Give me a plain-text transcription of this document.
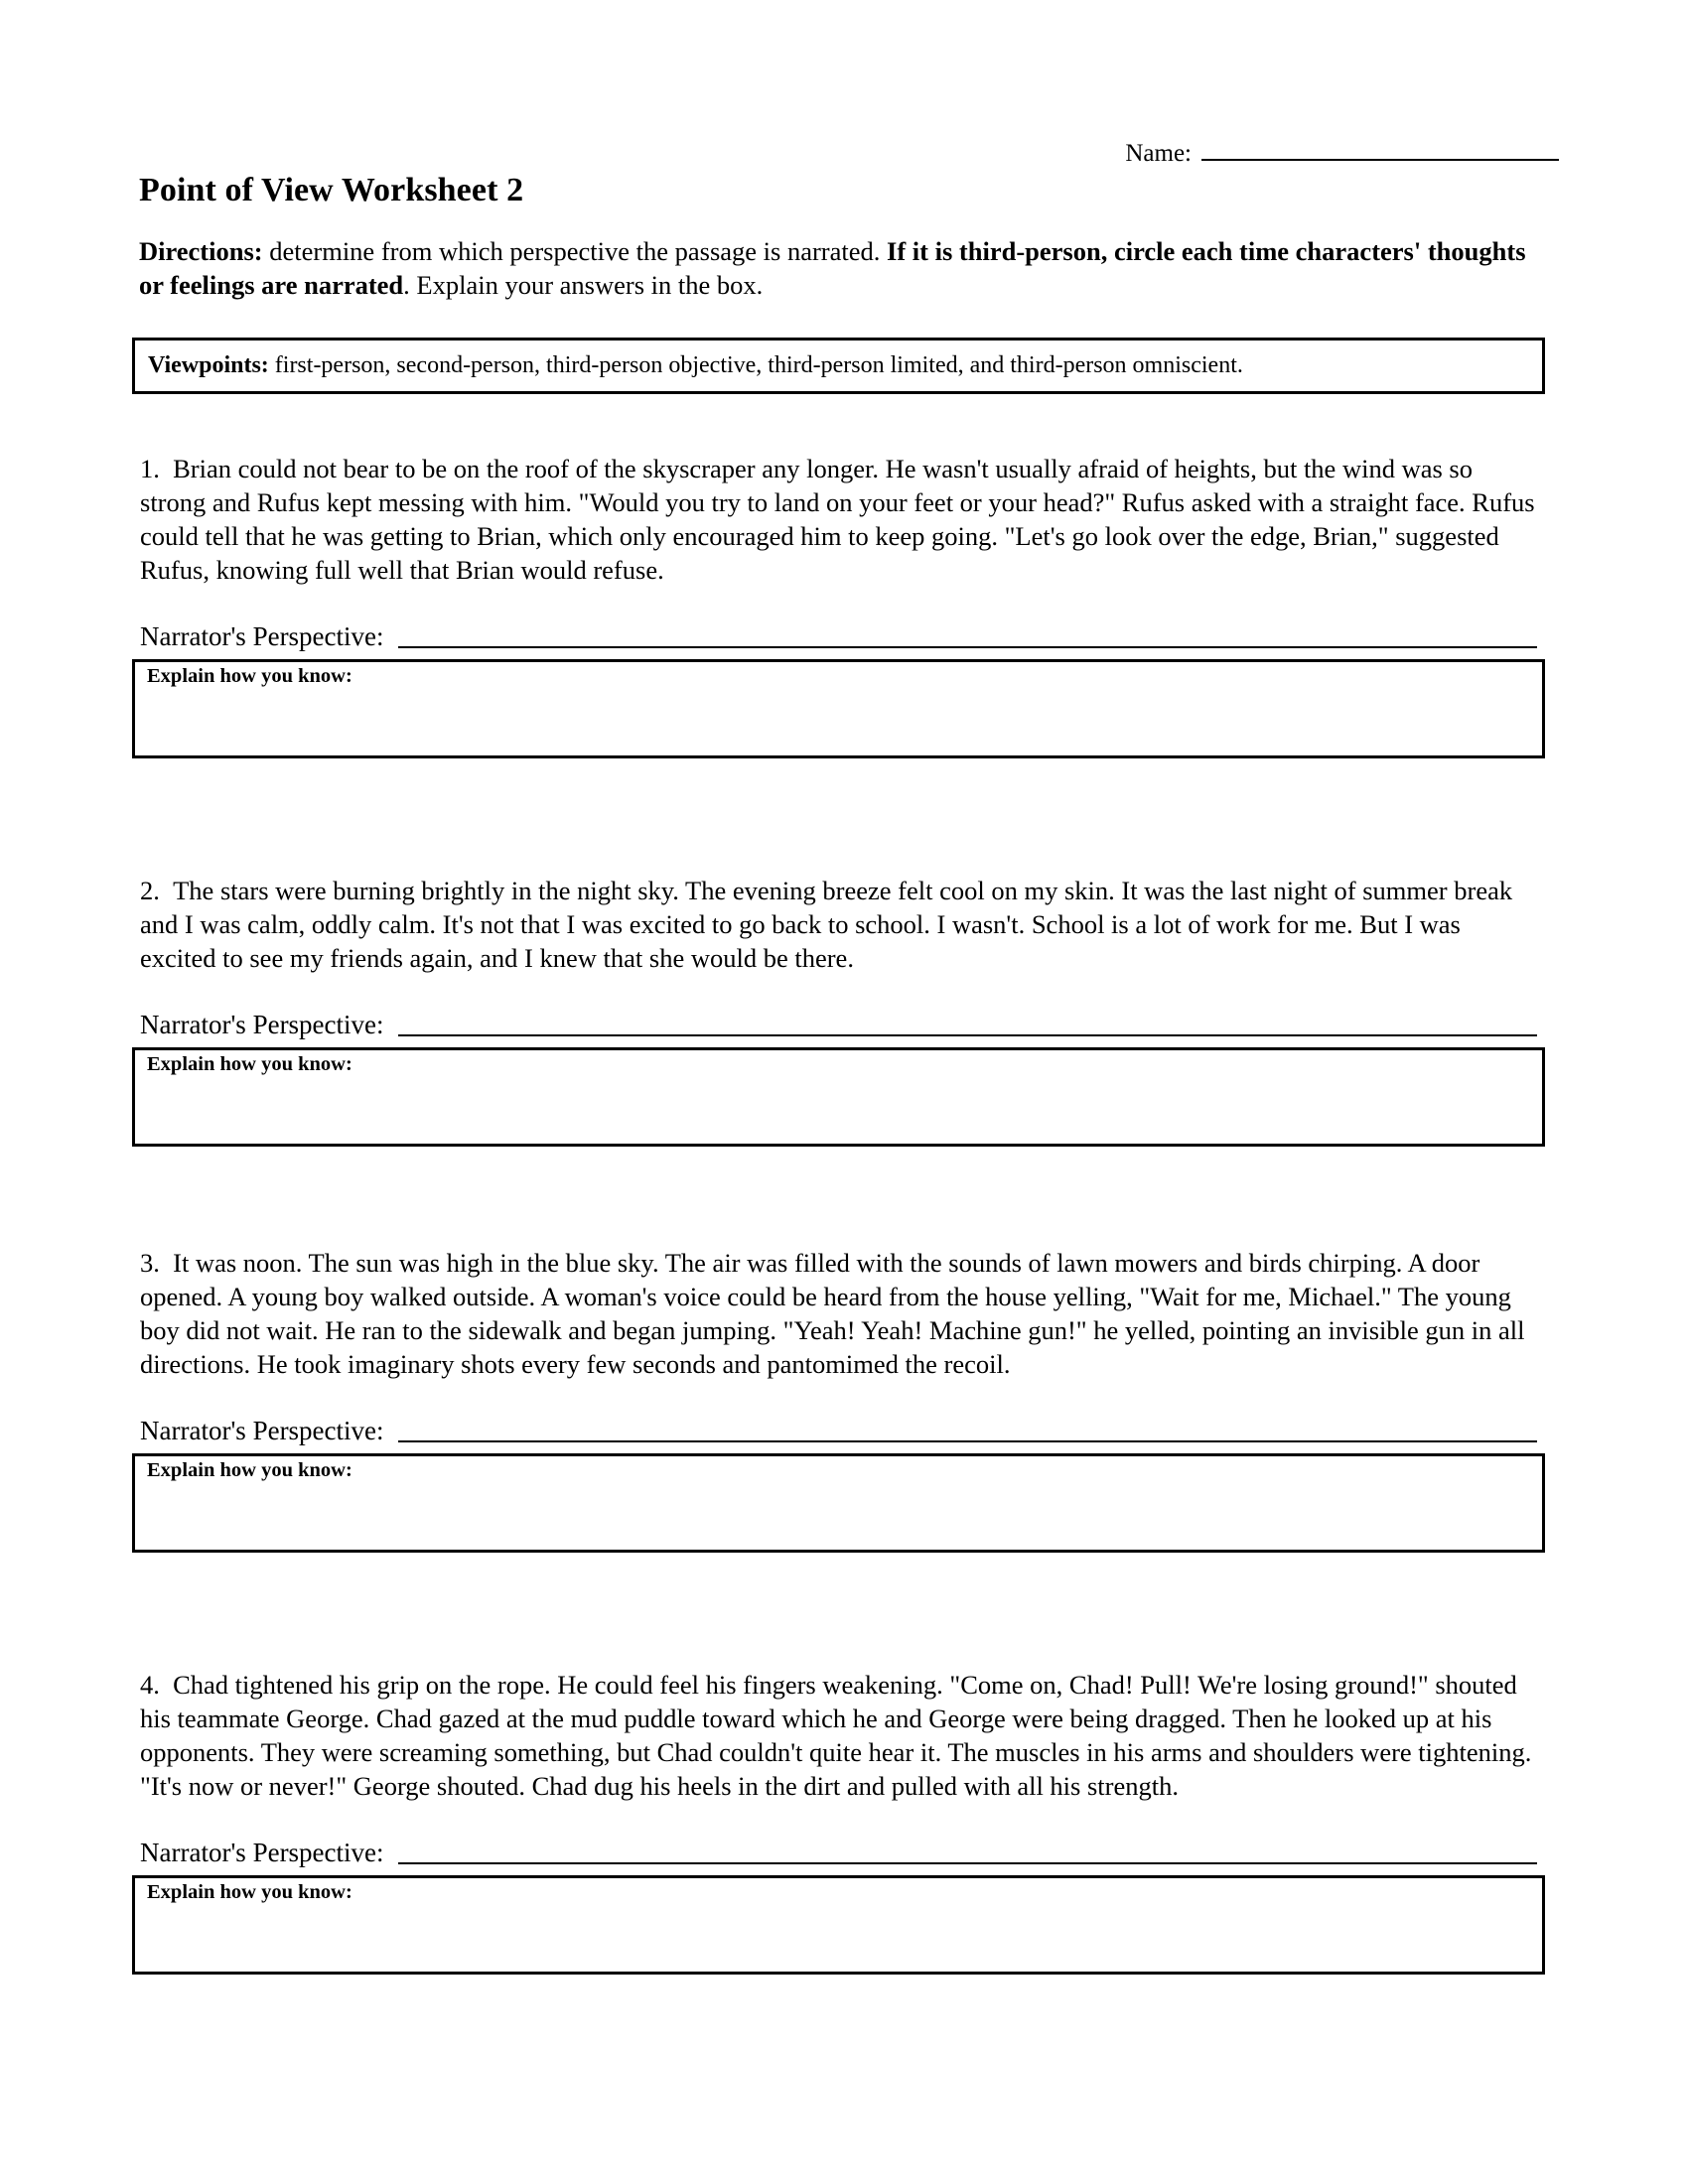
Name:
Point of View Worksheet 2
Directions: determine from which perspective the passage is narrated. If it is third-person, circle each time characters' thoughts or feelings are narrated. Explain your answers in the box.
Viewpoints: first-person, second-person, third-person objective, third-person limited, and third-person omniscient.
1. Brian could not bear to be on the roof of the skyscraper any longer. He wasn't usually afraid of heights, but the wind was so strong and Rufus kept messing with him. "Would you try to land on your feet or your head?" Rufus asked with a straight face. Rufus could tell that he was getting to Brian, which only encouraged him to keep going. "Let's go look over the edge, Brian," suggested Rufus, knowing full well that Brian would refuse.
Narrator's Perspective:
Explain how you know:
2. The stars were burning brightly in the night sky. The evening breeze felt cool on my skin. It was the last night of summer break and I was calm, oddly calm. It's not that I was excited to go back to school. I wasn't. School is a lot of work for me. But I was excited to see my friends again, and I knew that she would be there.
Narrator's Perspective:
Explain how you know:
3. It was noon. The sun was high in the blue sky. The air was filled with the sounds of lawn mowers and birds chirping. A door opened. A young boy walked outside. A woman's voice could be heard from the house yelling, "Wait for me, Michael." The young boy did not wait. He ran to the sidewalk and began jumping. "Yeah! Yeah! Machine gun!" he yelled, pointing an invisible gun in all directions. He took imaginary shots every few seconds and pantomimed the recoil.
Narrator's Perspective:
Explain how you know:
4. Chad tightened his grip on the rope. He could feel his fingers weakening. "Come on, Chad! Pull! We're losing ground!" shouted his teammate George. Chad gazed at the mud puddle toward which he and George were being dragged. Then he looked up at his opponents. They were screaming something, but Chad couldn't quite hear it. The muscles in his arms and shoulders were tightening. "It's now or never!" George shouted. Chad dug his heels in the dirt and pulled with all his strength.
Narrator's Perspective:
Explain how you know:
